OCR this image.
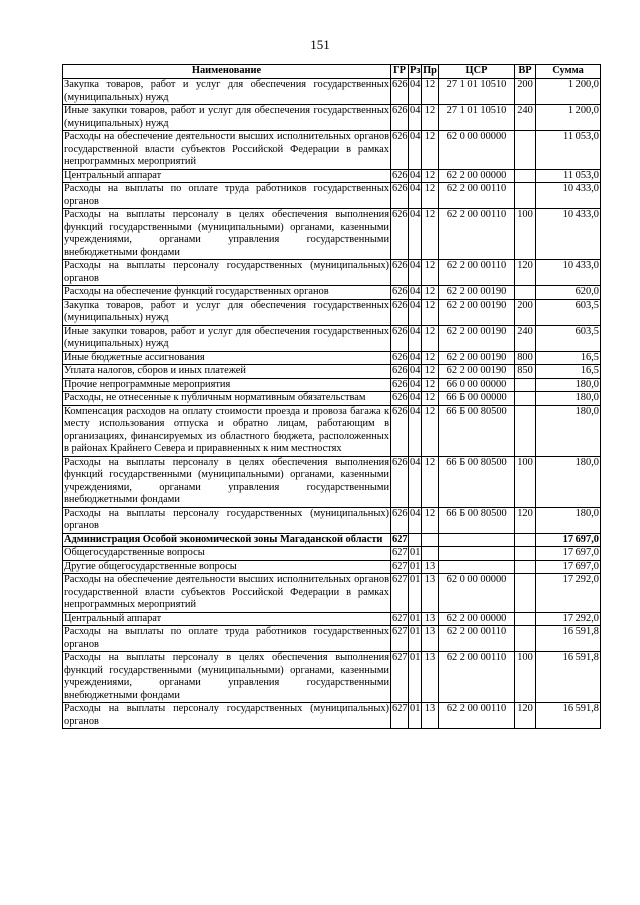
151
Наименование	ГР	Рз	Пр	ЦСР	ВР	Сумма
Закупка товаров, работ и услуг для обеспечения государственных (муниципальных) нужд	626	04	12	27 1 01 10510	200	1 200,0
Иные закупки товаров, работ и услуг для обеспечения государственных (муниципальных) нужд	626	04	12	27 1 01 10510	240	1 200,0
Расходы на обеспечение деятельности высших исполнительных органов государственной власти субъектов Российской Федерации в рамках непрограммных мероприятий	626	04	12	62 0 00 00000		11 053,0
Центральный аппарат	626	04	12	62 2 00 00000		11 053,0
Расходы на выплаты по оплате труда работников государственных органов	626	04	12	62 2 00 00110		10 433,0
Расходы на выплаты персоналу в целях обеспечения выполнения функций государственными (муниципальными) органами, казенными учреждениями, органами управления государственными внебюджетными фондами	626	04	12	62 2 00 00110	100	10 433,0
Расходы на выплаты персоналу государственных (муниципальных) органов	626	04	12	62 2 00 00110	120	10 433,0
Расходы на обеспечение функций государственных органов	626	04	12	62 2 00 00190		620,0
Закупка товаров, работ и услуг для обеспечения государственных (муниципальных) нужд	626	04	12	62 2 00 00190	200	603,5
Иные закупки товаров, работ и услуг для обеспечения государственных (муниципальных) нужд	626	04	12	62 2 00 00190	240	603,5
Иные бюджетные ассигнования	626	04	12	62 2 00 00190	800	16,5
Уплата налогов, сборов и иных платежей	626	04	12	62 2 00 00190	850	16,5
Прочие непрограммные мероприятия	626	04	12	66 0 00 00000		180,0
Расходы, не отнесенные к публичным нормативным обязательствам	626	04	12	66 Б 00 00000		180,0
Компенсация расходов на оплату стоимости проезда и провоза багажа к месту использования отпуска и обратно лицам, работающим в организациях, финансируемых из областного бюджета, расположенных в районах Крайнего Севера и приравненных к ним местностях	626	04	12	66 Б 00 80500		180,0
Расходы на выплаты персоналу в целях обеспечения выполнения функций государственными (муниципальными) органами, казенными учреждениями, органами управления государственными внебюджетными фондами	626	04	12	66 Б 00 80500	100	180,0
Расходы на выплаты персоналу государственных (муниципальных) органов	626	04	12	66 Б 00 80500	120	180,0
Администрация Особой экономической зоны Магаданской области	627					17 697,0
Общегосударственные вопросы	627	01				17 697,0
Другие общегосударственные вопросы	627	01	13			17 697,0
Расходы на обеспечение деятельности высших исполнительных органов государственной власти субъектов Российской Федерации в рамках непрограммных мероприятий	627	01	13	62 0 00 00000		17 292,0
Центральный аппарат	627	01	13	62 2 00 00000		17 292,0
Расходы на выплаты по оплате труда работников государственных органов	627	01	13	62 2 00 00110		16 591,8
Расходы на выплаты персоналу в целях обеспечения выполнения функций государственными (муниципальными) органами, казенными учреждениями, органами управления государственными внебюджетными фондами	627	01	13	62 2 00 00110	100	16 591,8
Расходы на выплаты персоналу государственных (муниципальных) органов	627	01	13	62 2 00 00110	120	16 591,8
